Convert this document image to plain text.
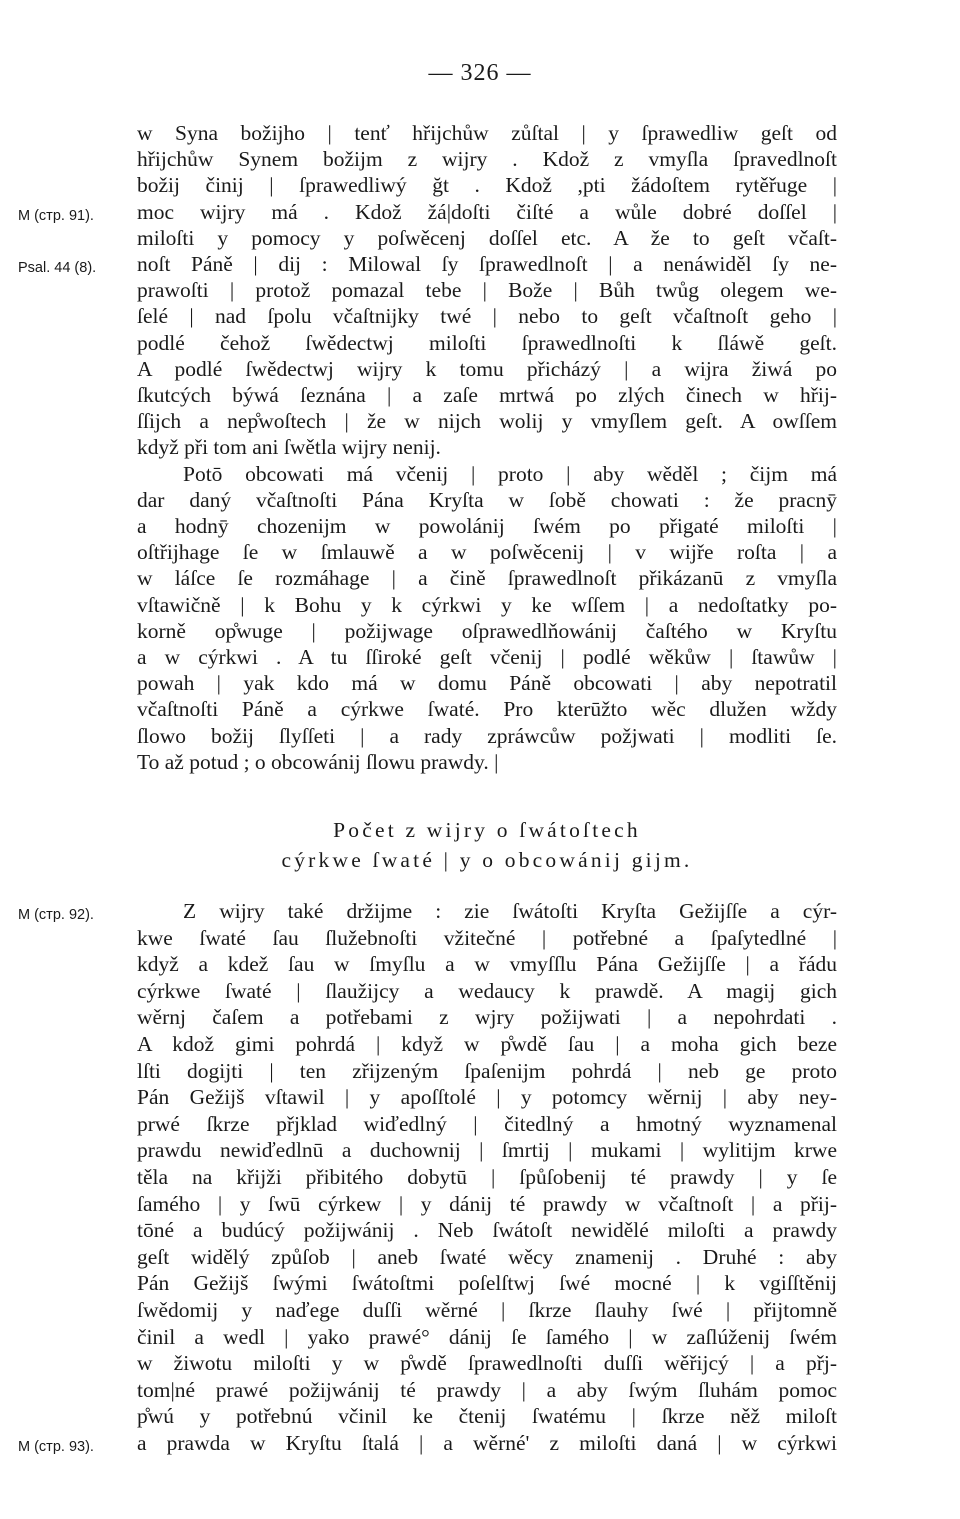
— 326 —
w Syna božijho | tenť hřijchůw zůſtal | y ſprawedliw geſt od
hřijchůw Synem božijm z wijry . Kdož z vmyſla ſpravedlnoſt
božij činij | ſprawedliwý ğt . Kdož ,pti žádoſtem rytěřuge |
moc wijry má . Kdož žá|doſti čiſté a wůle dobré doſſel |
miloſti y pomocy y poſwěcenj doſſel etc. A že to geſt včaſt-
noſt Páně | dij : Milowal ſy ſprawedlnoſt | a nenáwiděl ſy ne-
prawoſti | protož pomazal tebe | Bože | Bůh twůg olegem we-
ſelé | nad ſpolu včaſtnijky twé | nebo to geſt včaſtnoſt geho |
podlé čehož ſwědectwj miloſti ſprawedlnoſti k ſláwě geſt.
A podlé ſwědectwj wijry k tomu přicházý | a wijra žiwá po
ſkutcých býwá ſeznána | a zaſe mrtwá po zlých činech w hřij-
ſſijch a nep̊woſtech | že w nijch wolij y vmyſlem geſt. A owſſem
když při tom ani ſwětla wijry nenij.
Potō obcowati má včenij | proto | aby wěděl ; čijm má
dar daný včaſtnoſti Pána Kryſta w ſobě chowati : že pracnȳ
a hodnȳ chozenijm w powolánij ſwém po přigaté miloſti |
oſtřijhage ſe w ſmlauwě a w poſwěcenij | v wijře roſta | a
w láſce ſe rozmáhage | a čině ſprawedlnoſt přikázanū z vmyſla
vſtawičně | k Bohu y k cýrkwi y ke wſſem | a nedoſtatky po-
korně op̊wuge | požijwage oſprawedlňowánij čaſtého w Kryſtu
a w cýrkwi . A tu ſſiroké geſt včenij | podlé wěkůw | ſtawůw |
powah | yak kdo má w domu Páně obcowati | aby nepotratil
včaſtnoſti Páně a cýrkwe ſwaté. Pro kterūžto wěc dlužen wždy
ſlowo božij ſlyſſeti | a rady zpráwcůw požjwati | modliti ſe.
To až potud ; o obcowánij ſlowu prawdy. |
Počet z wijry o ſwátoſtech
cýrkwe ſwaté | y o obcowánij gijm.
Z wijry také držijme : zie ſwátoſti Kryſta Gežijſſe a cýr-
kwe ſwaté ſau ſlužebnoſti vžitečné | potřebné a ſpaſytedlné |
když a kdež ſau w ſmyſlu a w vmyſſlu Pána Gežijſſe | a řádu
cýrkwe ſwaté | ſlaužijcy a wedaucy k prawdě. A magij gich
wěrnj čaſem a potřebami z wjry požijwati | a nepohrdati .
A kdož gimi pohrdá | když w p̊wdě ſau | a moha gich beze
lſti dogijti | ten zřijzeným ſpaſenijm pohrdá | neb ge proto
Pán Gežijš vſtawil | y apoſſtolé | y potomcy wěrnij | aby ney-
prwé ſkrze přjklad wiďedlný | čitedlný a hmotný wyznamenal
prawdu newiďedlnū a duchownij | ſmrtij | mukami | wylitijm krwe
těla na křijži přibitého dobytū | ſpůſobenij té prawdy | y ſe
ſamého | y ſwū cýrkew | y dánij té prawdy w včaſtnoſt | a přij-
tōné a budúcý požijwánij . Neb ſwátoſt newidělé miloſti a prawdy
geſt widělý způſob | aneb ſwaté wěcy znamenij . Druhé : aby
Pán Gežijš ſwými ſwátoſtmi poſelſtwj ſwé mocné | k vgiſſtěnij
ſwědomij y naďege duſſi wěrné | ſkrze ſlauhy ſwé | přijtomně
činil a wedl | yako prawé° dánij ſe ſamého | w zaſlúženij ſwém
w žiwotu miloſti y w p̊wdě ſprawedlnoſti duſſi wěřijcý | a přj-
tom|né prawé požijwánij té prawdy | a aby ſwým ſluhám pomoc
p̊wú y potřebnú včinil ke čtenij ſwatému | ſkrze něž miloſt
a prawda w Kryſtu ſtalá | a wěrné' z miloſti daná | w cýrkwi
M (стр. 91).
Psal. 44 (8).
M (стр. 92).
M (стр. 93).
